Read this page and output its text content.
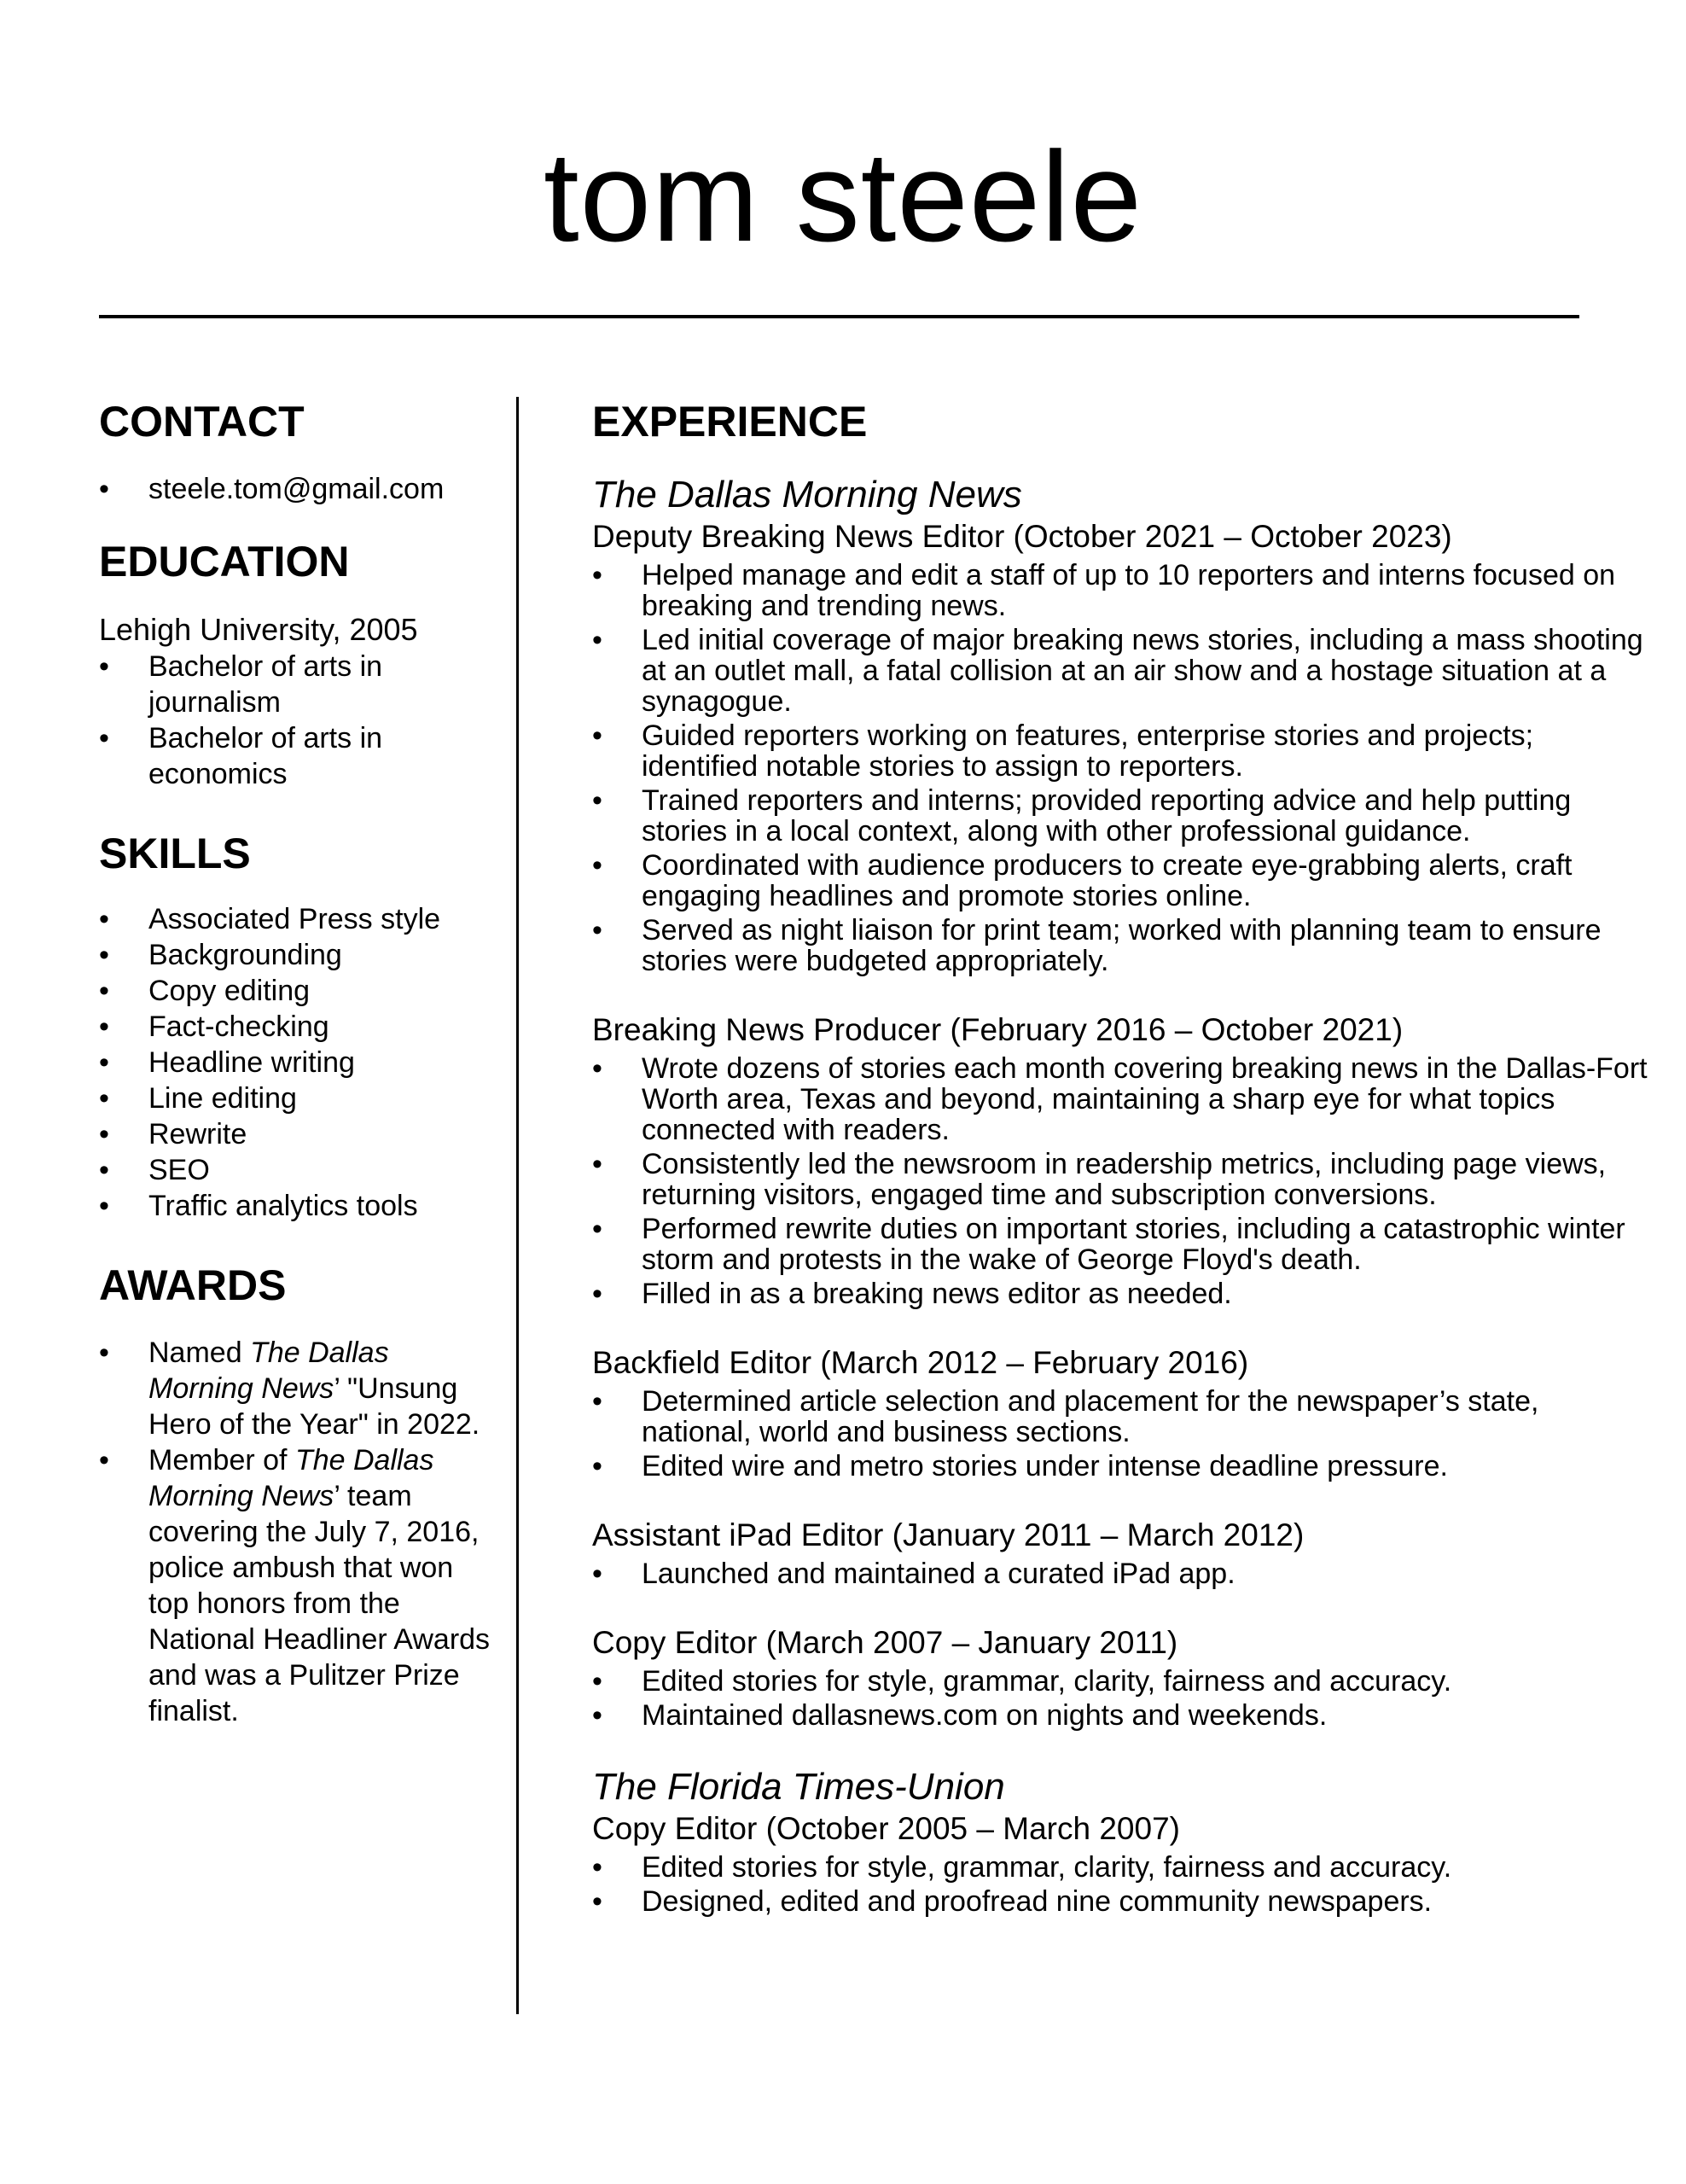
tom steele
CONTACT
• steele.tom@gmail.com
EDUCATION
Lehigh University, 2005
• Bachelor of arts in journalism
• Bachelor of arts in economics
SKILLS
• Associated Press style
• Backgrounding
• Copy editing
• Fact-checking
• Headline writing
• Line editing
• Rewrite
• SEO
• Traffic analytics tools
AWARDS
• Named The Dallas Morning News’ "Unsung Hero of the Year" in 2022.
• Member of The Dallas Morning News’ team covering the July 7, 2016, police ambush that won top honors from the National Headliner Awards and was a Pulitzer Prize finalist.
EXPERIENCE
The Dallas Morning News
Deputy Breaking News Editor (October 2021 – October 2023)
• Helped manage and edit a staff of up to 10 reporters and interns focused on breaking and trending news.
• Led initial coverage of major breaking news stories, including a mass shooting at an outlet mall, a fatal collision at an air show and a hostage situation at a synagogue.
• Guided reporters working on features, enterprise stories and projects; identified notable stories to assign to reporters.
• Trained reporters and interns; provided reporting advice and help putting stories in a local context, along with other professional guidance.
• Coordinated with audience producers to create eye-grabbing alerts, craft engaging headlines and promote stories online.
• Served as night liaison for print team; worked with planning team to ensure stories were budgeted appropriately.
Breaking News Producer (February 2016 – October 2021)
• Wrote dozens of stories each month covering breaking news in the Dallas-Fort Worth area, Texas and beyond, maintaining a sharp eye for what topics connected with readers.
• Consistently led the newsroom in readership metrics, including page views, returning visitors, engaged time and subscription conversions.
• Performed rewrite duties on important stories, including a catastrophic winter storm and protests in the wake of George Floyd's death.
• Filled in as a breaking news editor as needed.
Backfield Editor (March 2012 – February 2016)
• Determined article selection and placement for the newspaper’s state, national, world and business sections.
• Edited wire and metro stories under intense deadline pressure.
Assistant iPad Editor (January 2011 – March 2012)
• Launched and maintained a curated iPad app.
Copy Editor (March 2007 – January 2011)
• Edited stories for style, grammar, clarity, fairness and accuracy.
• Maintained dallasnews.com on nights and weekends.
The Florida Times-Union
Copy Editor (October 2005 – March 2007)
• Edited stories for style, grammar, clarity, fairness and accuracy.
• Designed, edited and proofread nine community newspapers.
